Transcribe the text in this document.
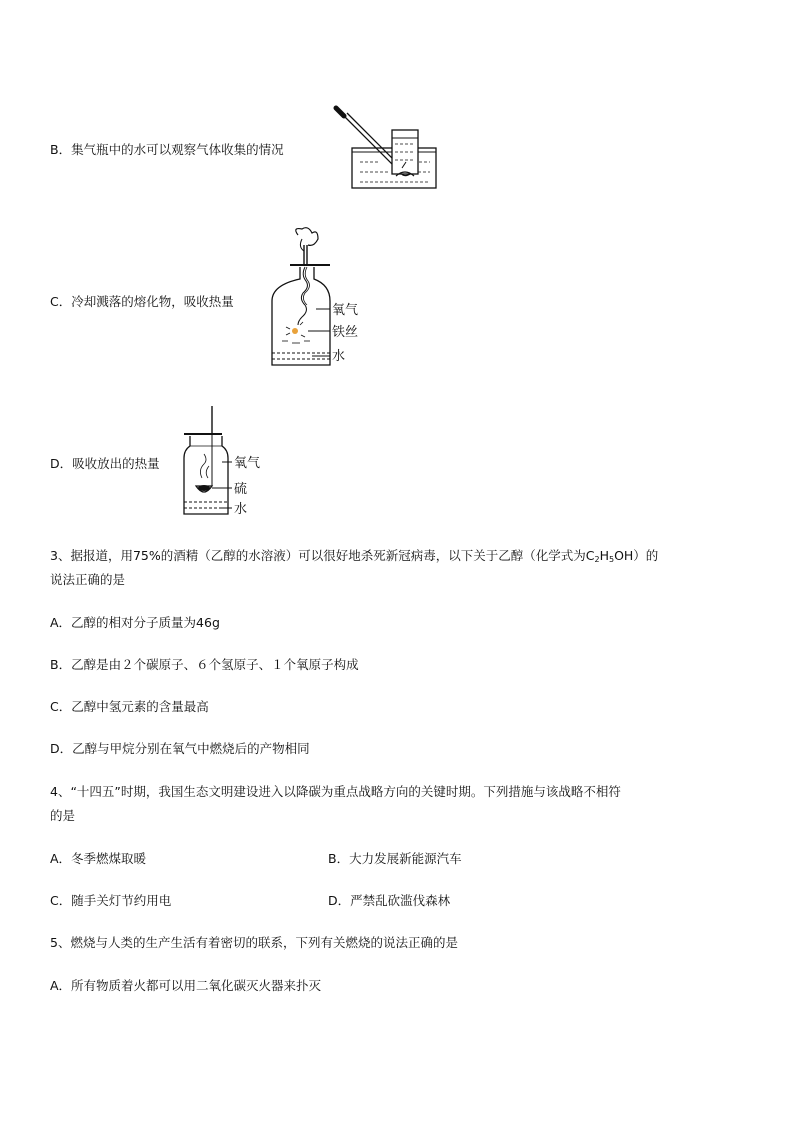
B．集气瓶中的水可以观察气体收集的情况
C．冷却溅落的熔化物，吸收热量
氧气
铁丝
水
D．吸收放出的热量	氧气
硫
水
3、据报道，用75%的酒精（乙醇的水溶液）可以很好地杀死新冠病毒，以下关于乙醇（化学式为$C_2H_5OH$）的
说法正确的是
A．乙醇的相对分子质量为46g
B．乙醇是由２个碳原子、６个氢原子、１个氧原子构成
C．乙醇中氢元素的含量最高
D．乙醇与甲烷分别在氧气中燃烧后的产物相同
4、“十四五”时期，我国生态文明建设进入以降碳为重点战略方向的关键时期。下列措施与该战略不相符
的是
A．冬季燃煤取暖	B．大力发展新能源汽车
C．随手关灯节约用电	D．严禁乱砍滥伐森林
5、燃烧与人类的生产生活有着密切的联系，下列有关燃烧的说法正确的是
A．所有物质着火都可以用二氧化碳灭火器来扑灭
